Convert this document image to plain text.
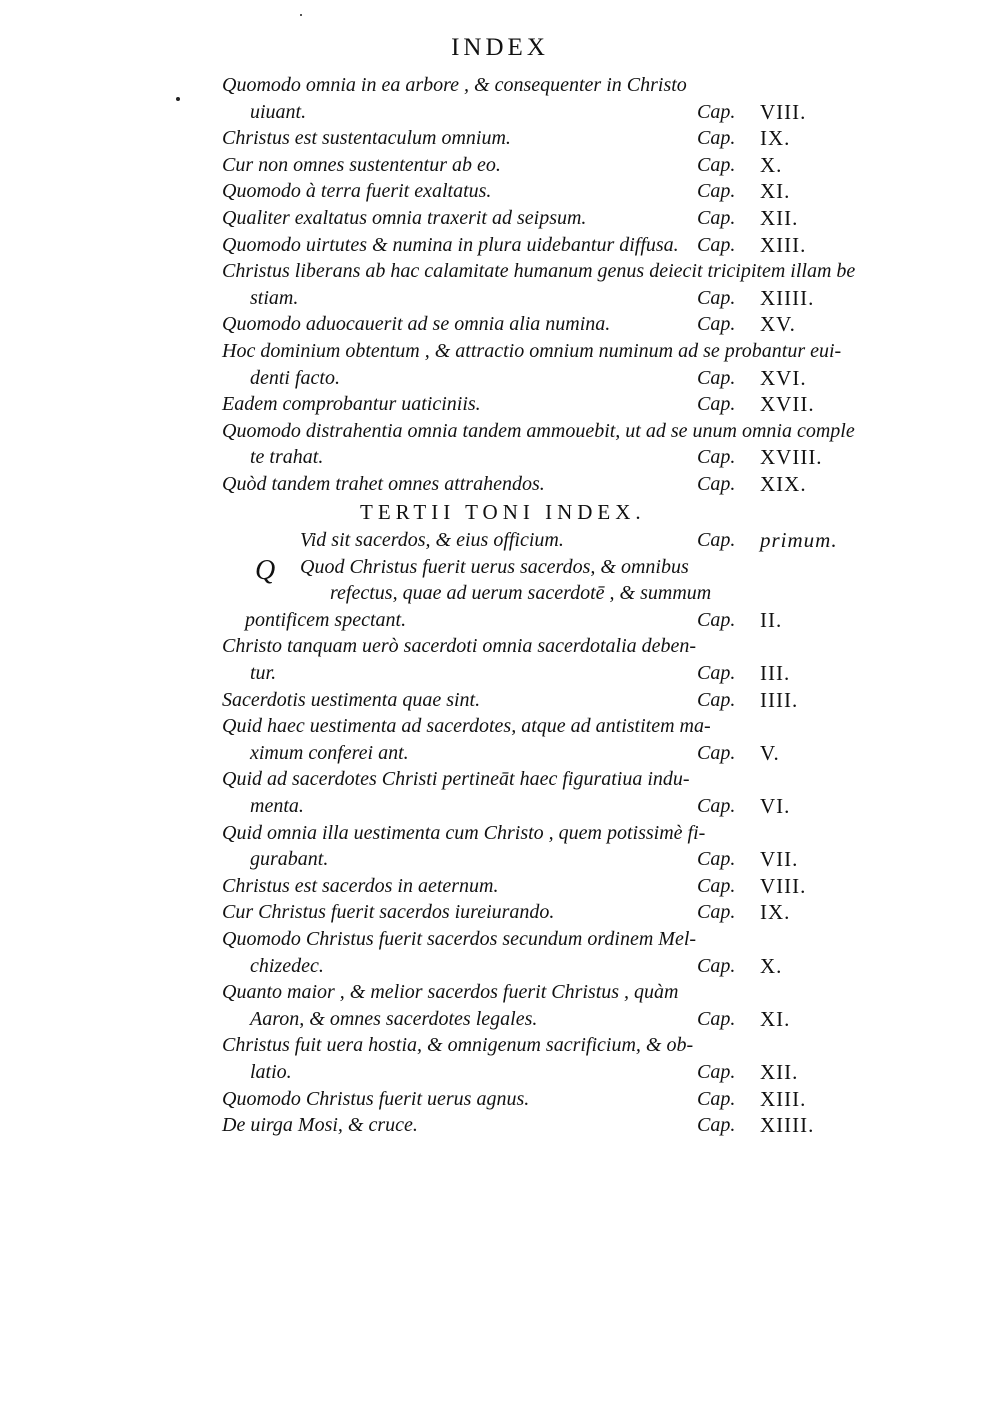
INDEX
Quomodo omnia in ea arbore , & consequenter in Christo
uiuant.	Cap. VIII.
Christus est sustentaculum omnium.	Cap. IX.
Cur non omnes sustententur ab eo.	Cap. X.
Quomodo à terra fuerit exaltatus.	Cap. XI.
Qualiter exaltatus omnia traxerit ad seipsum.	Cap. XII.
Quomodo uirtutes & numina in plura uidebantur diffusa. Cap. XIII.
Christus liberans ab hac calamitate humanum genus deiecit tricipitem illam be
stiam.	Cap. XIIII.
Quomodo aduocauerit ad se omnia alia numina.	Cap. XV.
Hoc dominium obtentum , & attractio omnium numinum ad se probantur eui-
denti facto.	Cap. XVI.
Eadem comprobantur uaticiniis.	Cap. XVII.
Quomodo distrahentia omnia tandem ammouebit, ut ad se unum omnia comple
te trahat.	Cap. XVIII.
Quòd tandem trahet omnes attrahendos.	Cap. XIX.
TERTII TONI INDEX.
Q
Vid sit sacerdos, & eius officium.	Cap. primum.
Quod Christus fuerit uerus sacerdos, & omnibus
refectus, quae ad uerum sacerdotē , & summum
pontificem spectant.	Cap. II.
Christo tanquam uerò sacerdoti omnia sacerdotalia deben-
tur.	Cap. III.
Sacerdotis uestimenta quae sint.	Cap. IIII.
Quid haec uestimenta ad sacerdotes, atque ad antistitem ma-
ximum conferei ant.	Cap. V.
Quid ad sacerdotes Christi pertineāt haec figuratiua indu-
menta.	Cap. VI.
Quid omnia illa uestimenta cum Christo , quem potissimè fi-
gurabant.	Cap. VII.
Christus est sacerdos in aeternum.	Cap. VIII.
Cur Christus fuerit sacerdos iureiurando.	Cap. IX.
Quomodo Christus fuerit sacerdos secundum ordinem Mel-
chizedec.	Cap. X.
Quanto maior , & melior sacerdos fuerit Christus , quàm
Aaron, & omnes sacerdotes legales.	Cap. XI.
Christus fuit uera hostia, & omnigenum sacrificium, & ob-
latio.	Cap. XII.
Quomodo Christus fuerit uerus agnus.	Cap. XIII.
De uirga Mosi, & cruce.	Cap. XIIII.
